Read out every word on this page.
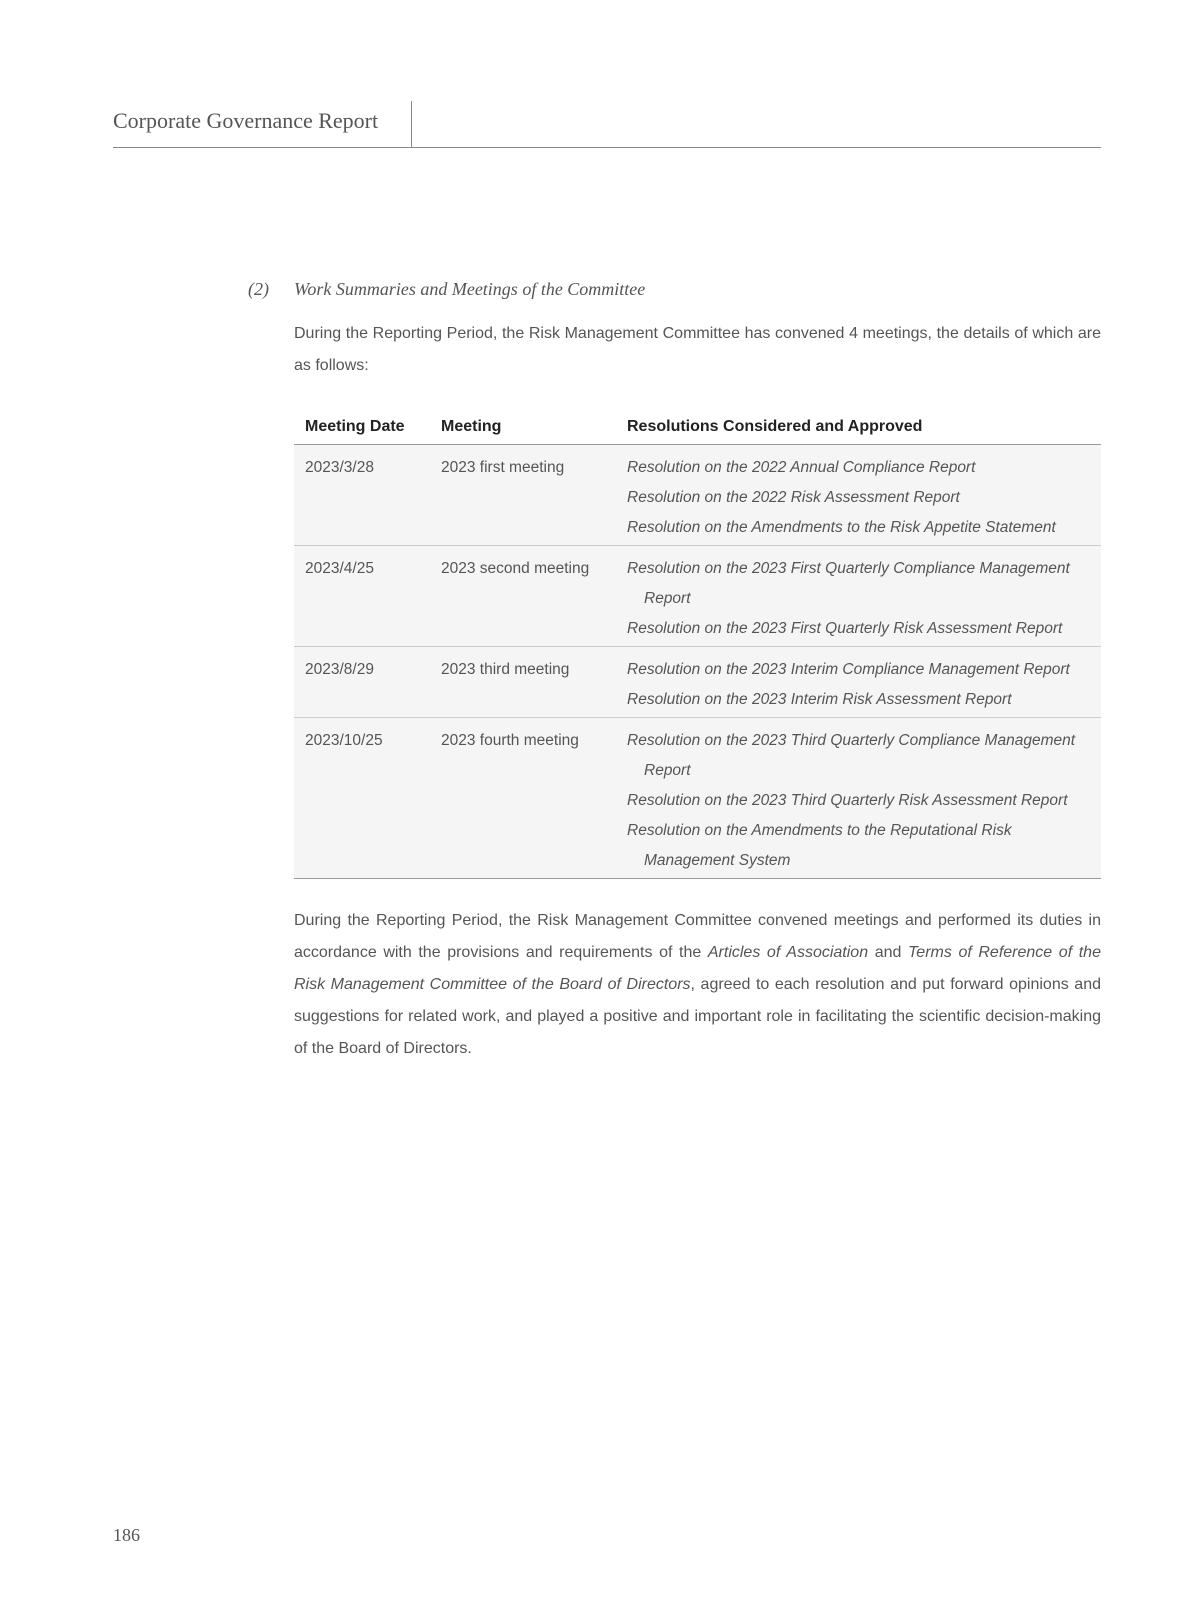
Corporate Governance Report
(2) Work Summaries and Meetings of the Committee
During the Reporting Period, the Risk Management Committee has convened 4 meetings, the details of which are as follows:
Meeting Date	Meeting	Resolutions Considered and Approved
2023/3/28	2023 first meeting	Resolution on the 2022 Annual Compliance Report
Resolution on the 2022 Risk Assessment Report
Resolution on the Amendments to the Risk Appetite Statement

2023/4/25	2023 second meeting	Resolution on the 2023 First Quarterly Compliance Management Report
Resolution on the 2023 First Quarterly Risk Assessment Report

2023/8/29	2023 third meeting	Resolution on the 2023 Interim Compliance Management Report
Resolution on the 2023 Interim Risk Assessment Report

2023/10/25	2023 fourth meeting	Resolution on the 2023 Third Quarterly Compliance Management Report
Resolution on the 2023 Third Quarterly Risk Assessment Report
Resolution on the Amendments to the Reputational Risk Management System
During the Reporting Period, the Risk Management Committee convened meetings and performed its duties in accordance with the provisions and requirements of the Articles of Association and Terms of Reference of the Risk Management Committee of the Board of Directors, agreed to each resolution and put forward opinions and suggestions for related work, and played a positive and important role in facilitating the scientific decision-making of the Board of Directors.
186
